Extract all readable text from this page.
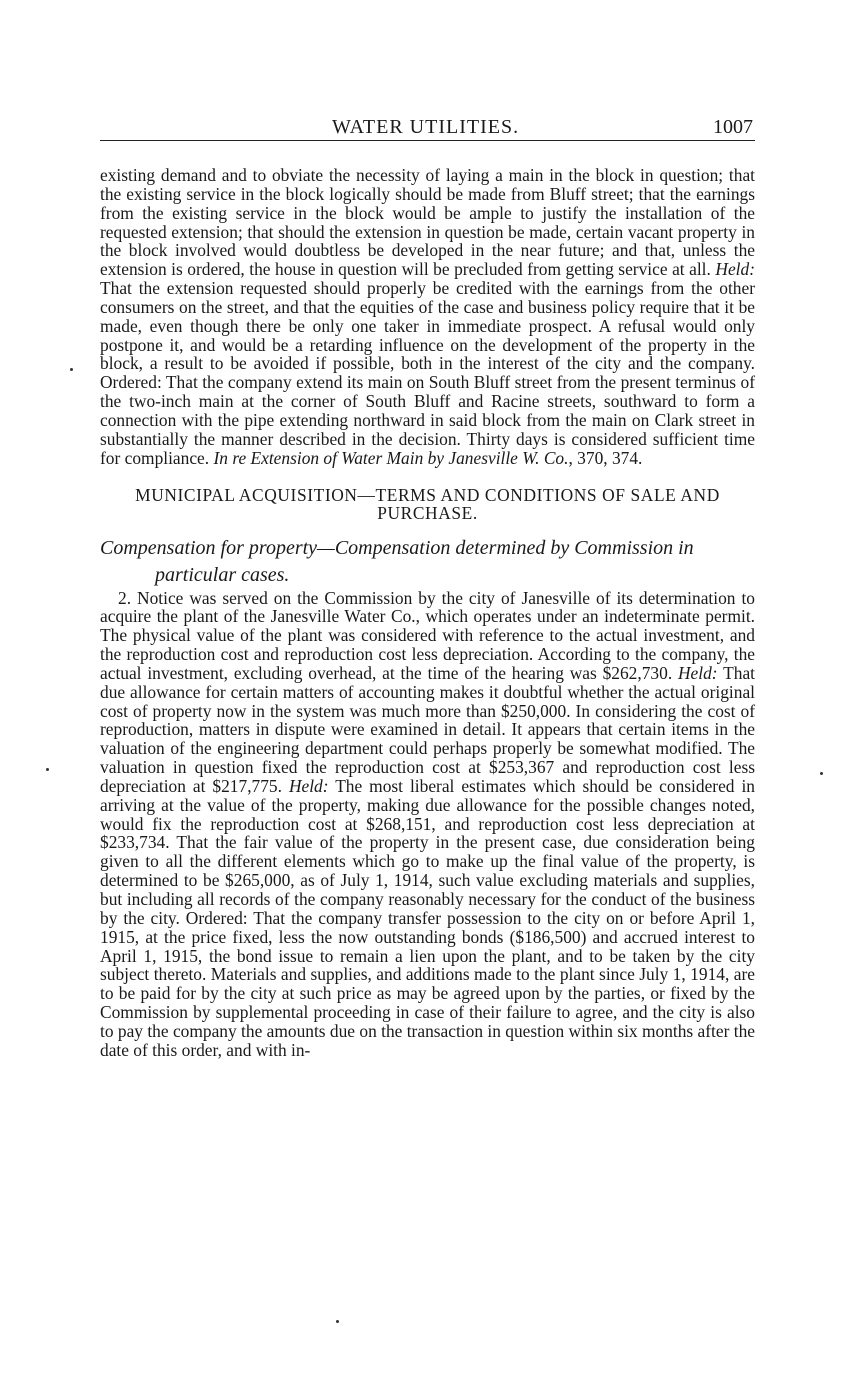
WATER UTILITIES.	1007

existing demand and to obviate the necessity of laying a main in the block in question; that the existing service in the block logically should be made from Bluff street; that the earnings from the existing service in the block would be ample to justify the installation of the requested extension; that should the extension in question be made, certain vacant property in the block involved would doubtless be developed in the near future; and that, unless the extension is ordered, the house in question will be precluded from getting service at all. Held: That the extension requested should properly be credited with the earnings from the other consumers on the street, and that the equities of the case and business policy require that it be made, even though there be only one taker in immediate prospect. A refusal would only postpone it, and would be a retarding influence on the development of the property in the block, a result to be avoided if possible, both in the interest of the city and the company. Ordered: That the company extend its main on South Bluff street from the present terminus of the two-inch main at the corner of South Bluff and Racine streets, southward to form a connection with the pipe extending northward in said block from the main on Clark street in substantially the manner described in the decision. Thirty days is considered sufficient time for compliance. In re Extension of Water Main by Janesville W. Co., 370, 374.

MUNICIPAL ACQUISITION—TERMS AND CONDITIONS OF SALE AND PURCHASE.
Compensation for property—Compensation determined by Commission in particular cases.

2. Notice was served on the Commission by the city of Janesville of its determination to acquire the plant of the Janesville Water Co., which operates under an indeterminate permit. The physical value of the plant was considered with reference to the actual investment, and the reproduction cost and reproduction cost less depreciation. According to the company, the actual investment, excluding overhead, at the time of the hearing was $262,730. Held: That due allowance for certain matters of accounting makes it doubtful whether the actual original cost of property now in the system was much more than $250,000. In considering the cost of reproduction, matters in dispute were examined in detail. It appears that certain items in the valuation of the engineering department could perhaps properly be somewhat modified. The valuation in question fixed the reproduction cost at $253,367 and reproduction cost less depreciation at $217,775. Held: The most liberal estimates which should be considered in arriving at the value of the property, making due allowance for the possible changes noted, would fix the reproduction cost at $268,151, and reproduction cost less depreciation at $233,734. That the fair value of the property in the present case, due consideration being given to all the different elements which go to make up the final value of the property, is determined to be $265,000, as of July 1, 1914, such value excluding materials and supplies, but including all records of the company reasonably necessary for the conduct of the business by the city. Ordered: That the company transfer possession to the city on or before April 1, 1915, at the price fixed, less the now outstanding bonds ($186,500) and accrued interest to April 1, 1915, the bond issue to remain a lien upon the plant, and to be taken by the city subject thereto. Materials and supplies, and additions made to the plant since July 1, 1914, are to be paid for by the city at such price as may be agreed upon by the parties, or fixed by the Commission by supplemental proceeding in case of their failure to agree, and the city is also to pay the company the amounts due on the transaction in question within six months after the date of this order, and with in-
